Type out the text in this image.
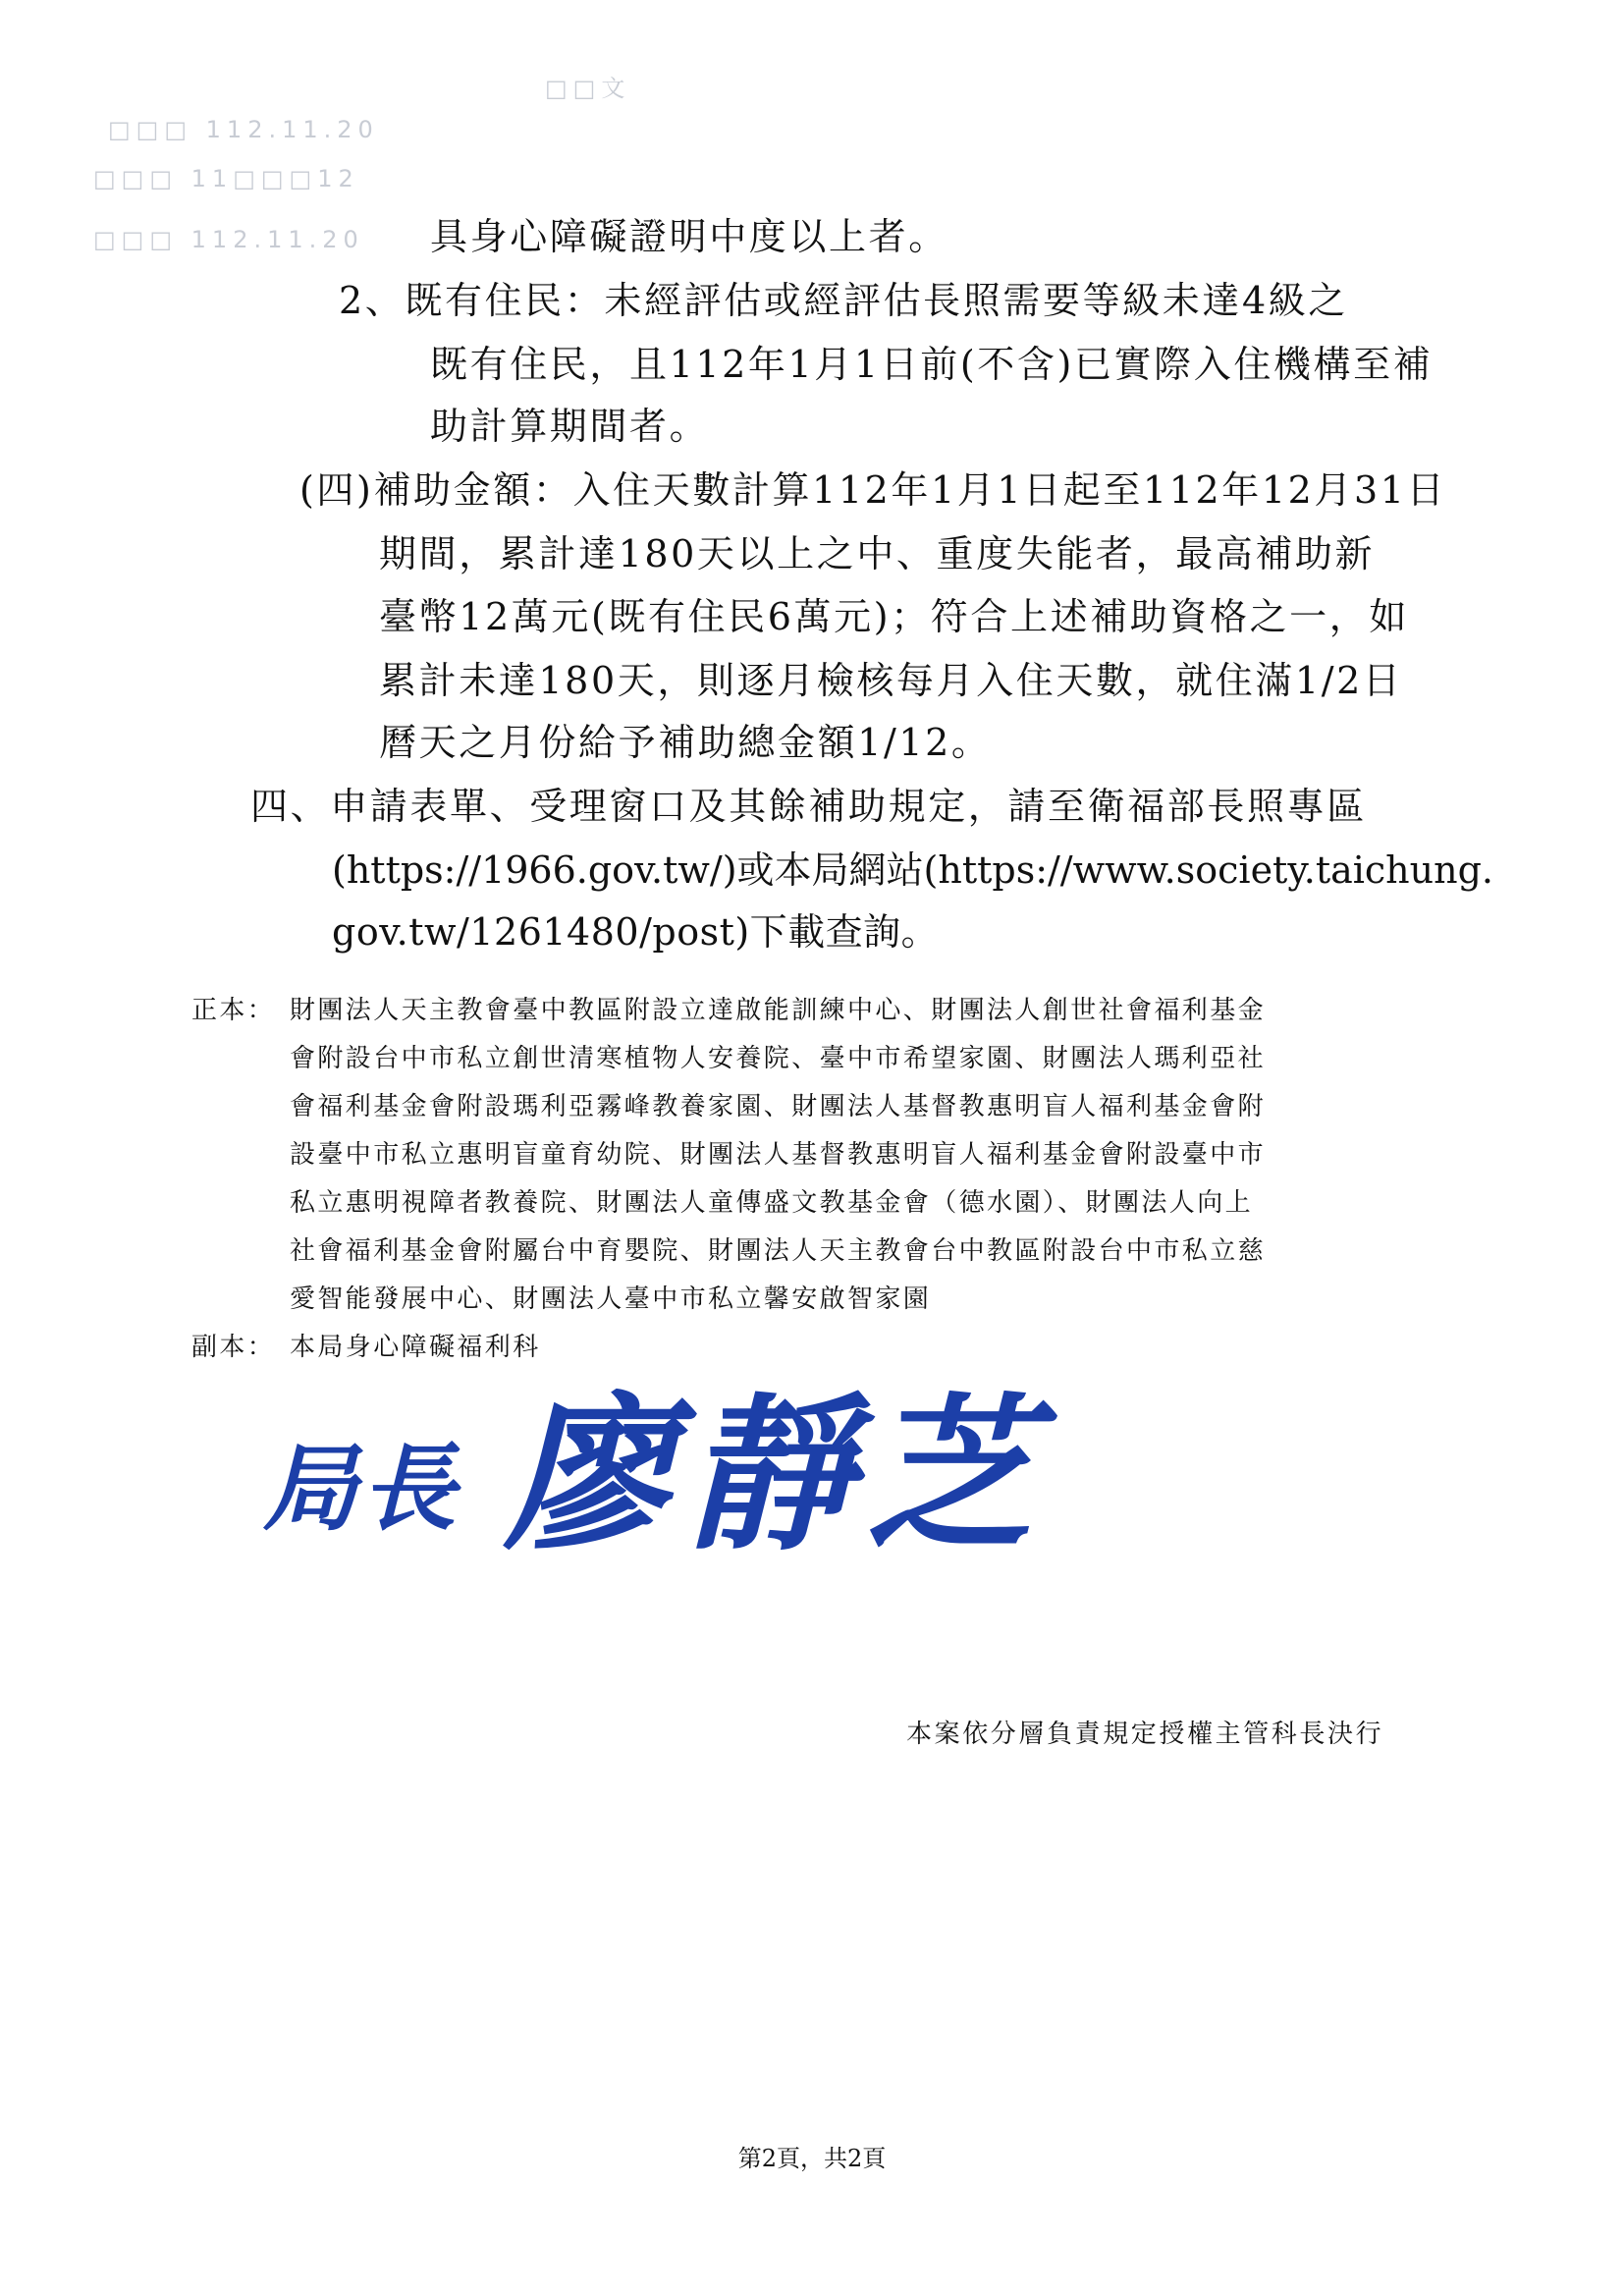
□□文
□□□ 112.11.20
□□□ 11□□□12
□□□ 112.11.20 具身心障礙證明中度以上者。
2、既有住民：未經評估或經評估長照需要等級未達4級之
既有住民，且112年1月1日前(不含)已實際入住機構至補
助計算期間者。
(四)補助金額：入住天數計算112年1月1日起至112年12月31日
期間，累計達180天以上之中、重度失能者，最高補助新
臺幣12萬元(既有住民6萬元)；符合上述補助資格之一，如
累計未達180天，則逐月檢核每月入住天數，就住滿1/2日
曆天之月份給予補助總金額1/12。
四、申請表單、受理窗口及其餘補助規定，請至衛福部長照專區
(https://1966.gov.tw/)或本局網站(https://www.society.taichung.
gov.tw/1261480/post)下載查詢。
正本： 財團法人天主教會臺中教區附設立達啟能訓練中心、財團法人創世社會福利基金
會附設台中市私立創世清寒植物人安養院、臺中市希望家園、財團法人瑪利亞社
會福利基金會附設瑪利亞霧峰教養家園、財團法人基督教惠明盲人福利基金會附
設臺中市私立惠明盲童育幼院、財團法人基督教惠明盲人福利基金會附設臺中市
私立惠明視障者教養院、財團法人童傳盛文教基金會（德水園）、財團法人向上
社會福利基金會附屬台中育嬰院、財團法人天主教會台中教區附設台中市私立慈
愛智能發展中心、財團法人臺中市私立馨安啟智家園
副本： 本局身心障礙福利科
局長 廖靜芝
本案依分層負責規定授權主管科長決行
第2頁，共2頁
